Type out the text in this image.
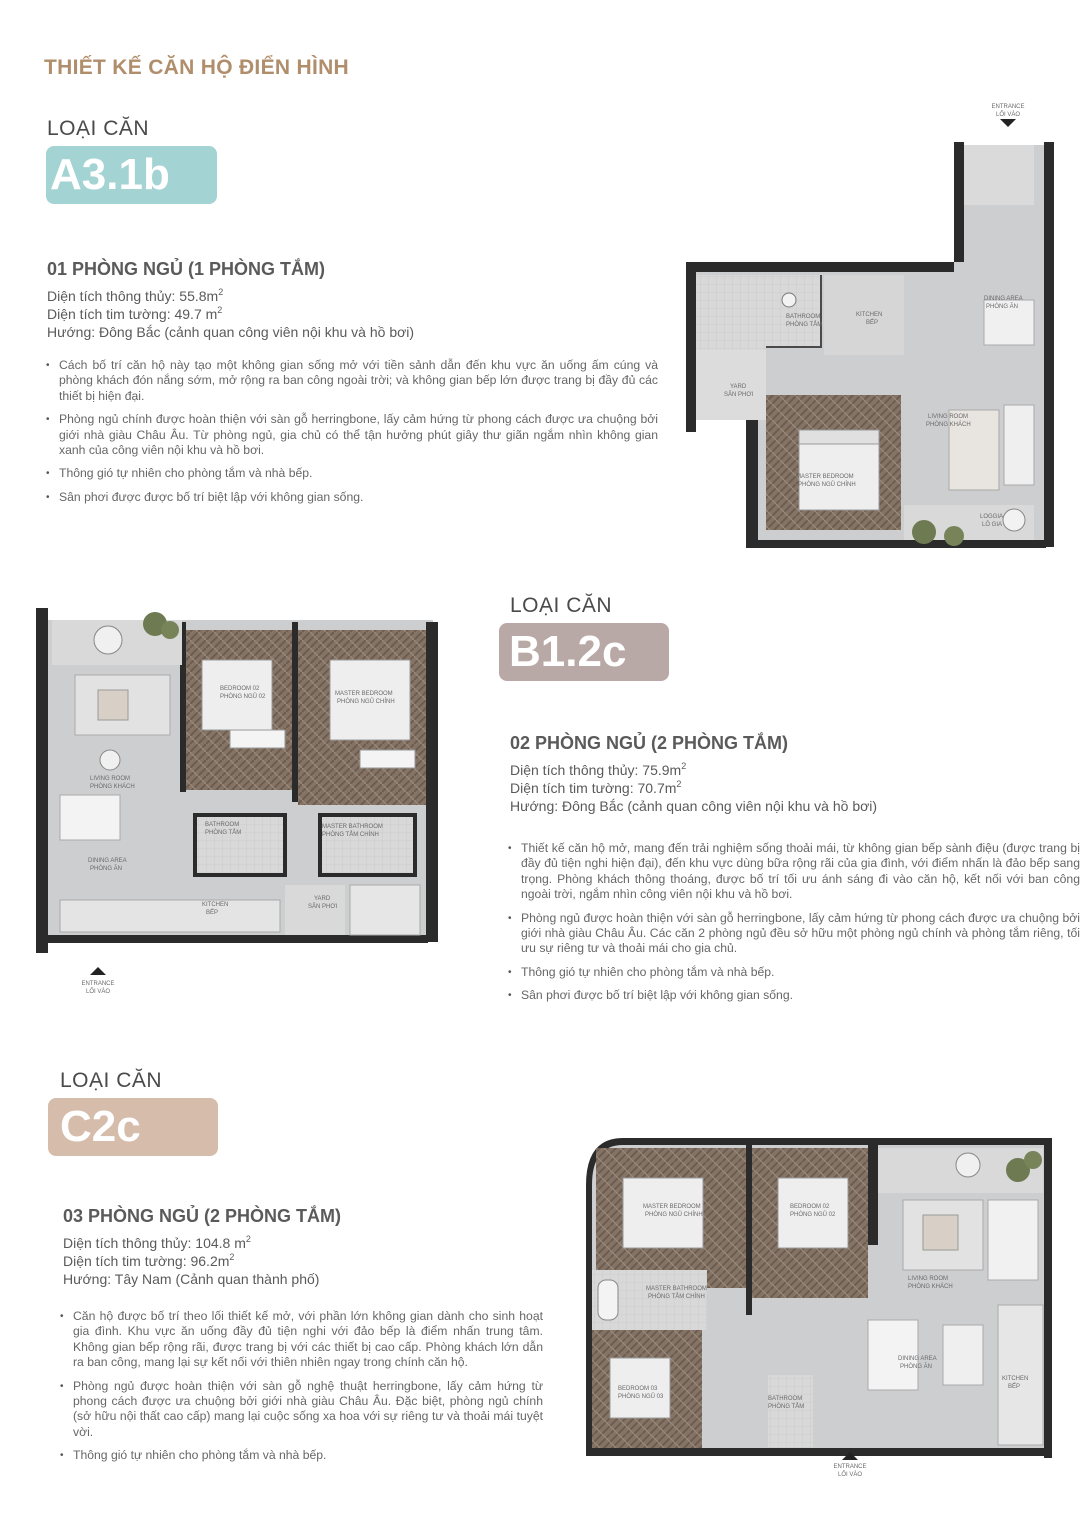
THIẾT KẾ CĂN HỘ ĐIỂN HÌNH
LOẠI CĂN
A3.1b
01 PHÒNG NGỦ (1 PHÒNG TẮM)
Diện tích thông thủy: $55.8m^2$
Diện tích tim tường: 49.7 $m^2$
Hướng: Đông Bắc (cảnh quan công viên nội khu và hồ bơi)
• Cách bố trí căn hộ này tạo một không gian sống mở với tiền sảnh dẫn đến khu vực ăn uống ấm cúng và phòng khách đón nắng sớm, mở rộng ra ban công ngoài trời; và không gian bếp lớn được trang bị đầy đủ các thiết bị hiện đại.
• Phòng ngủ chính được hoàn thiện với sàn gỗ herringbone, lấy cảm hứng từ phong cách được ưa chuộng bởi giới nhà giàu Châu Âu. Từ phòng ngủ, gia chủ có thể tận hưởng phút giây thư giãn ngắm nhìn không gian xanh của công viên nội khu và hồ bơi.
• Thông gió tự nhiên cho phòng tắm và nhà bếp.
• Sân phơi được được bố trí biệt lập với không gian sống.
ENTRANCE
LỐI VÀO
BATHROOM
PHÒNG TẮM
KITCHEN
BẾP
DINING AREA
PHÒNG ĂN
YARD
SÂN PHƠI
LIVING ROOM
PHÒNG KHÁCH
MASTER BEDROOM
PHÒNG NGỦ CHÍNH
LOGGIA
LÔ GIA
BEDROOM 02
PHÒNG NGỦ 02	MASTER BEDROOM
PHÒNG NGỦ CHÍNH
LIVING ROOM
PHÒNG KHÁCH
BATHROOM
PHÒNG TẮM
MASTER BATHROOM
PHÒNG TẮM CHÍNH
DINING AREA
PHÒNG ĂN
KITCHEN
BẾP
YARD
SÂN PHƠI
ENTRANCE
LỐI VÀO
LOẠI CĂN
B1.2c
02 PHÒNG NGỦ (2 PHÒNG TẮM)
Diện tích thông thủy: $75.9m^2$
Diện tích tim tường: $70.7m^2$
Hướng: Đông Bắc (cảnh quan công viên nội khu và hồ bơi)
• Thiết kế căn hộ mở, mang đến trải nghiệm sống thoải mái, từ không gian bếp sành điệu (được trang bị đầy đủ tiện nghi hiện đại), đến khu vực dùng bữa rộng rãi của gia đình, với điểm nhấn là đảo bếp sang trọng. Phòng khách thông thoáng, được bố trí tối ưu ánh sáng đi vào căn hộ, kết nối với ban công ngoài trời, ngắm nhìn công viên nội khu và hồ bơi.
• Phòng ngủ được hoàn thiện với sàn gỗ herringbone, lấy cảm hứng từ phong cách được ưa chuộng bởi giới nhà giàu Châu Âu. Các căn 2 phòng ngủ đều sở hữu một phòng ngủ chính và phòng tắm riêng, tối ưu sự riêng tư và thoải mái cho gia chủ.
• Thông gió tự nhiên cho phòng tắm và nhà bếp.
• Sân phơi được bố trí biệt lập với không gian sống.
LOẠI CĂN
C2c
03 PHÒNG NGỦ (2 PHÒNG TẮM)
Diện tích thông thủy: 104.8 $m^2$
Diện tích tim tường: $96.2m^2$
Hướng: Tây Nam (Cảnh quan thành phố)
• Căn hộ được bố trí theo lối thiết kế mở, với phần lớn không gian dành cho sinh hoạt gia đình. Khu vực ăn uống đầy đủ tiện nghi với đảo bếp là điểm nhấn trung tâm. Không gian bếp rộng rãi, được trang bị với các thiết bị cao cấp. Phòng khách lớn dẫn ra ban công, mang lại sự kết nối với thiên nhiên ngay trong chính căn hộ.
• Phòng ngủ được hoàn thiện với sàn gỗ nghệ thuật herringbone, lấy cảm hứng từ phong cách được ưa chuộng bởi giới nhà giàu Châu Âu. Đặc biệt, phòng ngủ chính (sở hữu nội thất cao cấp) mang lại cuộc sống xa hoa với sự riêng tư và thoải mái tuyệt vời.
• Thông gió tự nhiên cho phòng tắm và nhà bếp.
MASTER BEDROOM
PHÒNG NGỦ CHÍNH
BEDROOM 02
PHÒNG NGỦ 02
MASTER BATHROOM
PHÒNG TẮM CHÍNH
LIVING ROOM
PHÒNG KHÁCH
DINING AREA
PHÒNG ĂN
BEDROOM 03
PHÒNG NGỦ 03	BATHROOM
PHÒNG TẮM
KITCHEN
BẾP
ENTRANCE
LỐI VÀO
